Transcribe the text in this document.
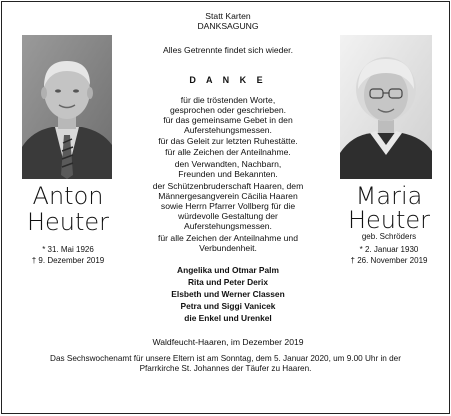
Anton
Heuter
* 31. Mai 1926
† 9. Dezember 2019
Maria
Heuter
geb. Schröders
* 2. Januar 1930
† 26. November 2019
Statt Karten
DANKSAGUNG
Alles Getrennte findet sich wieder.
D A N K E
für die tröstenden Worte,
gesprochen oder geschrieben.
für das gemeinsame Gebet in den
Auferstehungsmessen.
für das Geleit zur letzten Ruhestätte.
für alle Zeichen der Anteilnahme.
den Verwandten, Nachbarn,
Freunden und Bekannten.
der Schützenbruderschaft Haaren, dem
Männergesangverein Cäcilia Haaren
sowie Herrn Pfarrer Vollberg für die
würdevolle Gestaltung der
Auferstehungsmessen.
für alle Zeichen der Anteilnahme und
Verbundenheit.
Angelika und Otmar Palm
Rita und Peter Derix
Elsbeth und Werner Classen
Petra und Siggi Vanicek
die Enkel und Urenkel
Waldfeucht-Haaren, im Dezember 2019
Das Sechswochenamt für unsere Eltern ist am Sonntag, dem 5. Januar 2020, um 9.00 Uhr in der
Pfarrkirche St. Johannes der Täufer zu Haaren.
